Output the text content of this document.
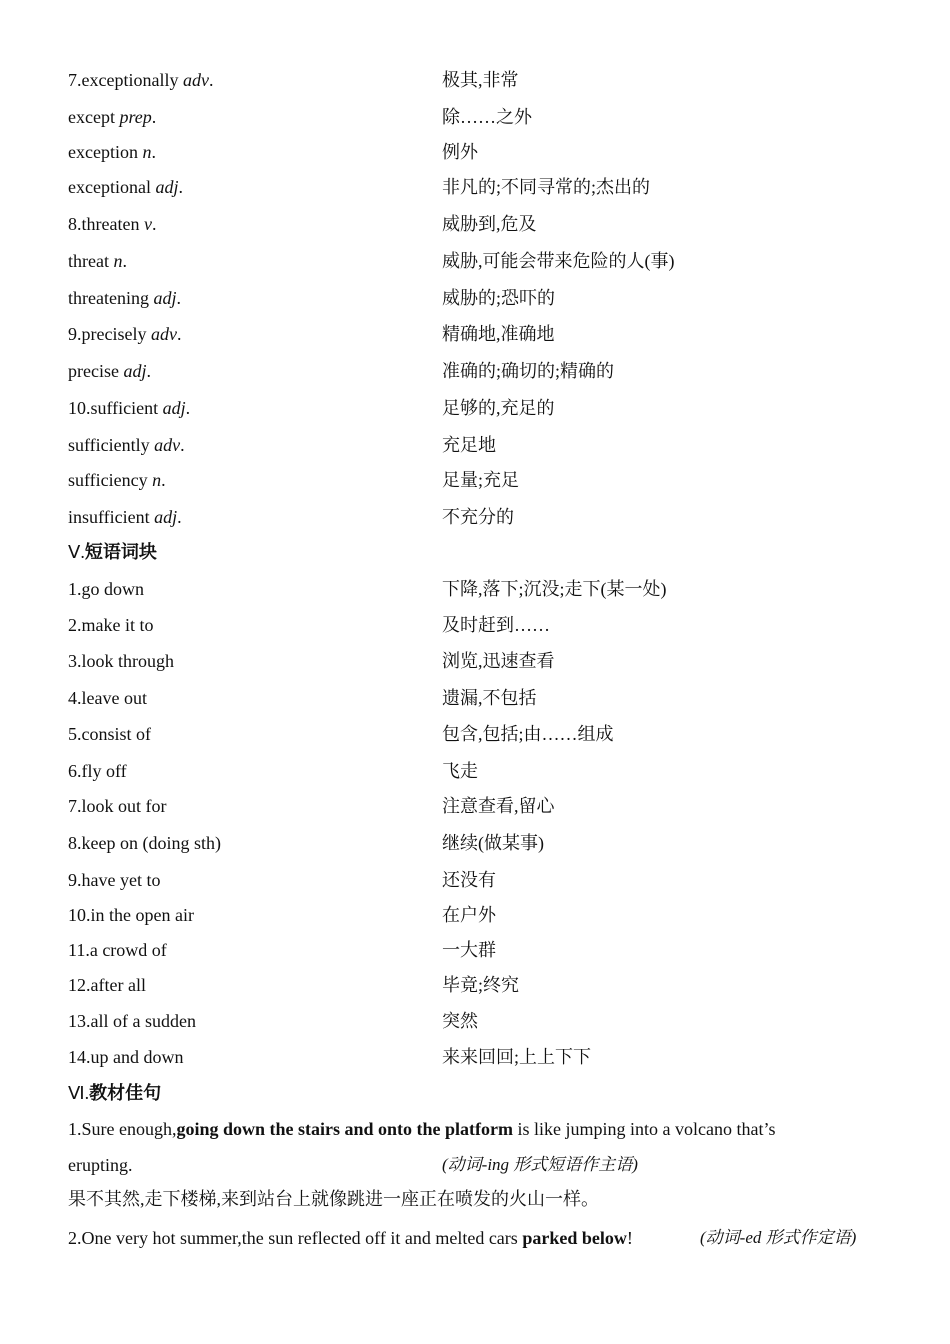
7.exceptionally adv.	极其,非常
except prep.	除……之外
exception n.	例外
exceptional adj.	非凡的;不同寻常的;杰出的
8.threaten v.	威胁到,危及
threat n.	威胁,可能会带来危险的人(事)
threatening adj.	威胁的;恐吓的
9.precisely adv.	精确地,准确地
precise adj.	准确的;确切的;精确的
10.sufficient adj.	足够的,充足的
sufficiently adv.	充足地
sufficiency n.	足量;充足
insufficient adj.	不充分的
Ⅴ.短语词块
1.go down	下降,落下;沉没;走下(某一处)
2.make it to	及时赶到……
3.look through	浏览,迅速查看
4.leave out	遗漏,不包括
5.consist of	包含,包括;由……组成
6.fly off	飞走
7.look out for	注意查看,留心
8.keep on (doing sth)	继续(做某事)
9.have yet to	还没有
10.in the open air	在户外
11.a crowd of	一大群
12.after all	毕竟;终究
13.all of a sudden	突然
14.up and down	来来回回;上上下下
Ⅵ.教材佳句
1.Sure enough,going down the stairs and onto the platform is like jumping into a volcano that’s
erupting.	(动词-ing 形式短语作主语)
果不其然,走下楼梯,来到站台上就像跳进一座正在喷发的火山一样。
2.One very hot summer,the sun reflected off it and melted cars parked below!	(动词-ed 形式作定语)
